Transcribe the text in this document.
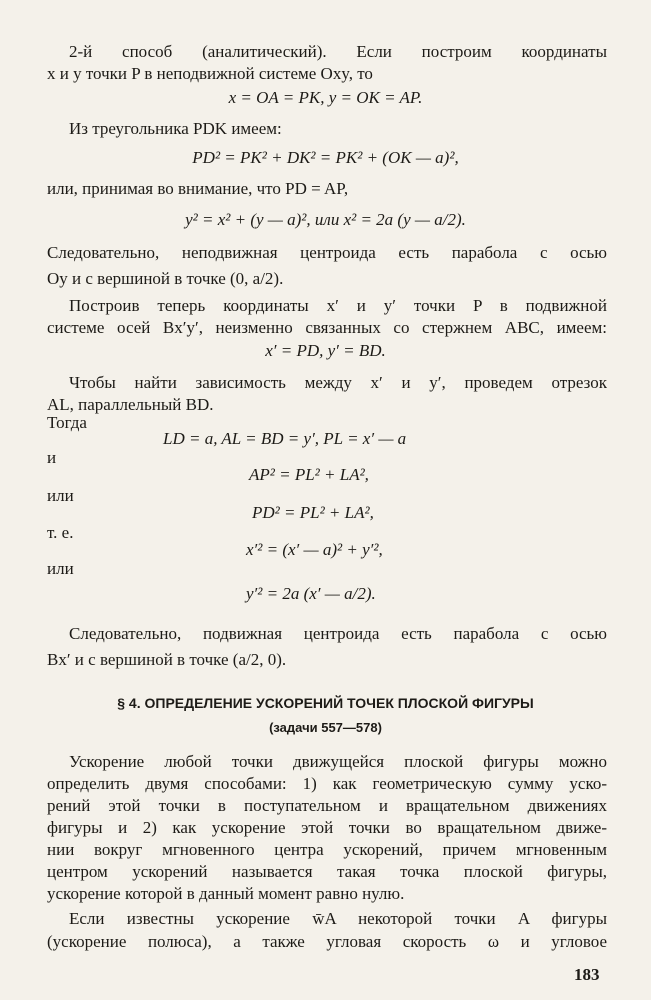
2-й способ (аналитический). Если построим координаты
x и y точки P в неподвижной системе Oxy, то
x = OA = PK, y = OK = AP.
Из треугольника PDK имеем:
PD² = PK² + DK² = PK² + (OK — a)²,
или, принимая во внимание, что PD = AP,
y² = x² + (y — a)², или x² = 2a (y — a/2).
Следовательно, неподвижная центроида есть парабола с осью
Oy и с вершиной в точке (0, a/2).
Построив теперь координаты x′ и y′ точки P в подвижной
системе осей Bx′y′, неизменно связанных со стержнем ABC, имеем:
x′ = PD, y′ = BD.
Чтобы найти зависимость между x′ и y′, проведем отрезок
AL, параллельный BD.
Тогда
LD = a, AL = BD = y′, PL = x′ — a
и
AP² = PL² + LA²,
или
PD² = PL² + LA²,
т. е.
x′² = (x′ — a)² + y′²,
или
y′² = 2a (x′ — a/2).
Следовательно, подвижная центроида есть парабола с осью
Bx′ и с вершиной в точке (a/2, 0).
§ 4. ОПРЕДЕЛЕНИЕ УСКОРЕНИЙ ТОЧЕК ПЛОСКОЙ ФИГУРЫ
(задачи 557—578)
Ускорение любой точки движущейся плоской фигуры можно
определить двумя способами: 1) как геометрическую сумму уско-
рений этой точки в поступательном и вращательном движениях
фигуры и 2) как ускорение этой точки во вращательном движе-
нии вокруг мгновенного центра ускорений, причем мгновенным
центром ускорений называется такая точка плоской фигуры,
ускорение которой в данный момент равно нулю.
Если известны ускорение w̄A некоторой точки A фигуры
(ускорение полюса), а также угловая скорость ω и угловое
183
